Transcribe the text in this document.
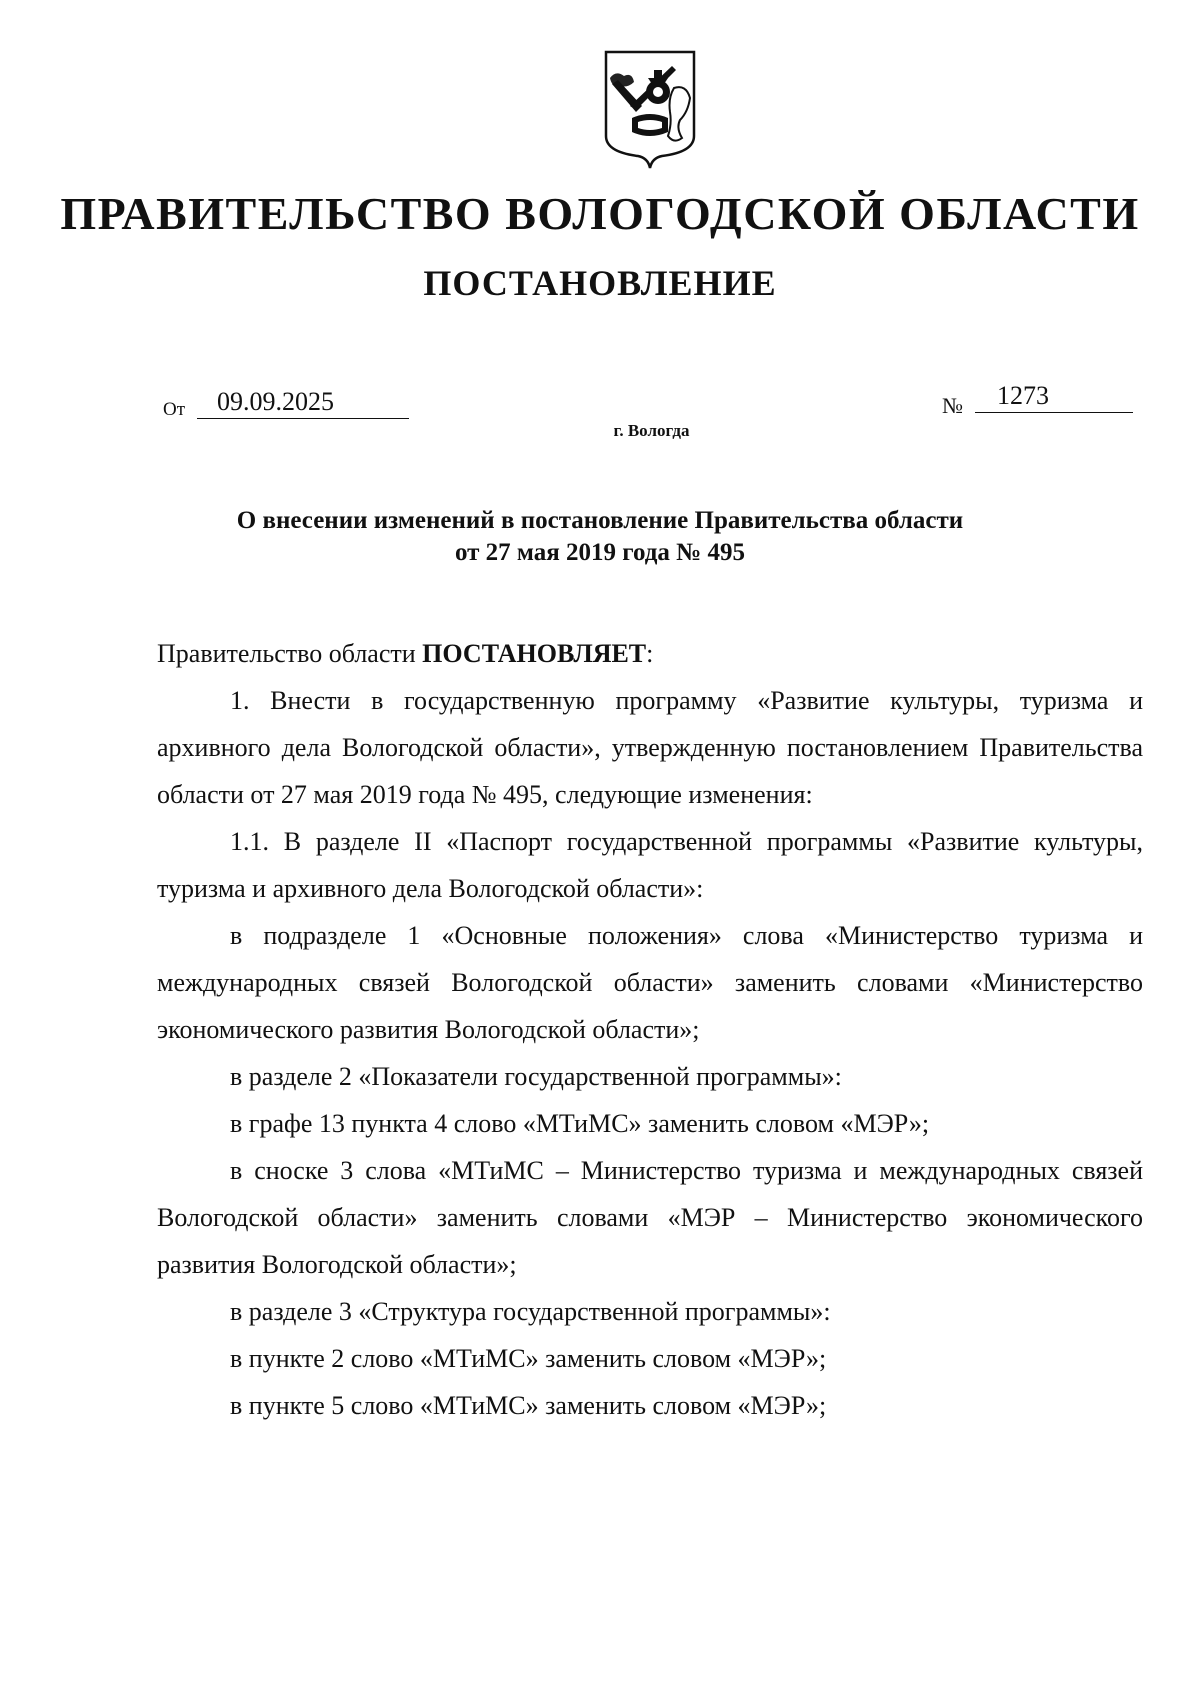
ПРАВИТЕЛЬСТВО ВОЛОГОДСКОЙ ОБЛАСТИ
ПОСТАНОВЛЕНИЕ
От	09.09.2025	№	1273
г. Вологда
О внесении изменений в постановление Правительства области
от 27 мая 2019 года № 495

Правительство области ПОСТАНОВЛЯЕТ:

1. Внести в государственную программу «Развитие культуры, туризма и архивного дела Вологодской области», утвержденную постановлением Правительства области от 27 мая 2019 года № 495, следующие изменения:

1.1. В разделе II «Паспорт государственной программы «Развитие культуры, туризма и архивного дела Вологодской области»:

в подразделе 1 «Основные положения» слова «Министерство туризма и международных связей Вологодской области» заменить словами «Министерство экономического развития Вологодской области»;

в разделе 2 «Показатели государственной программы»:

в графе 13 пункта 4 слово «МТиМС» заменить словом «МЭР»;

в сноске 3 слова «МТиМС – Министерство туризма и международных связей Вологодской области» заменить словами «МЭР – Министерство экономического развития Вологодской области»;

в разделе 3 «Структура государственной программы»:

в пункте 2 слово «МТиМС» заменить словом «МЭР»;

в пункте 5 слово «МТиМС» заменить словом «МЭР»;
